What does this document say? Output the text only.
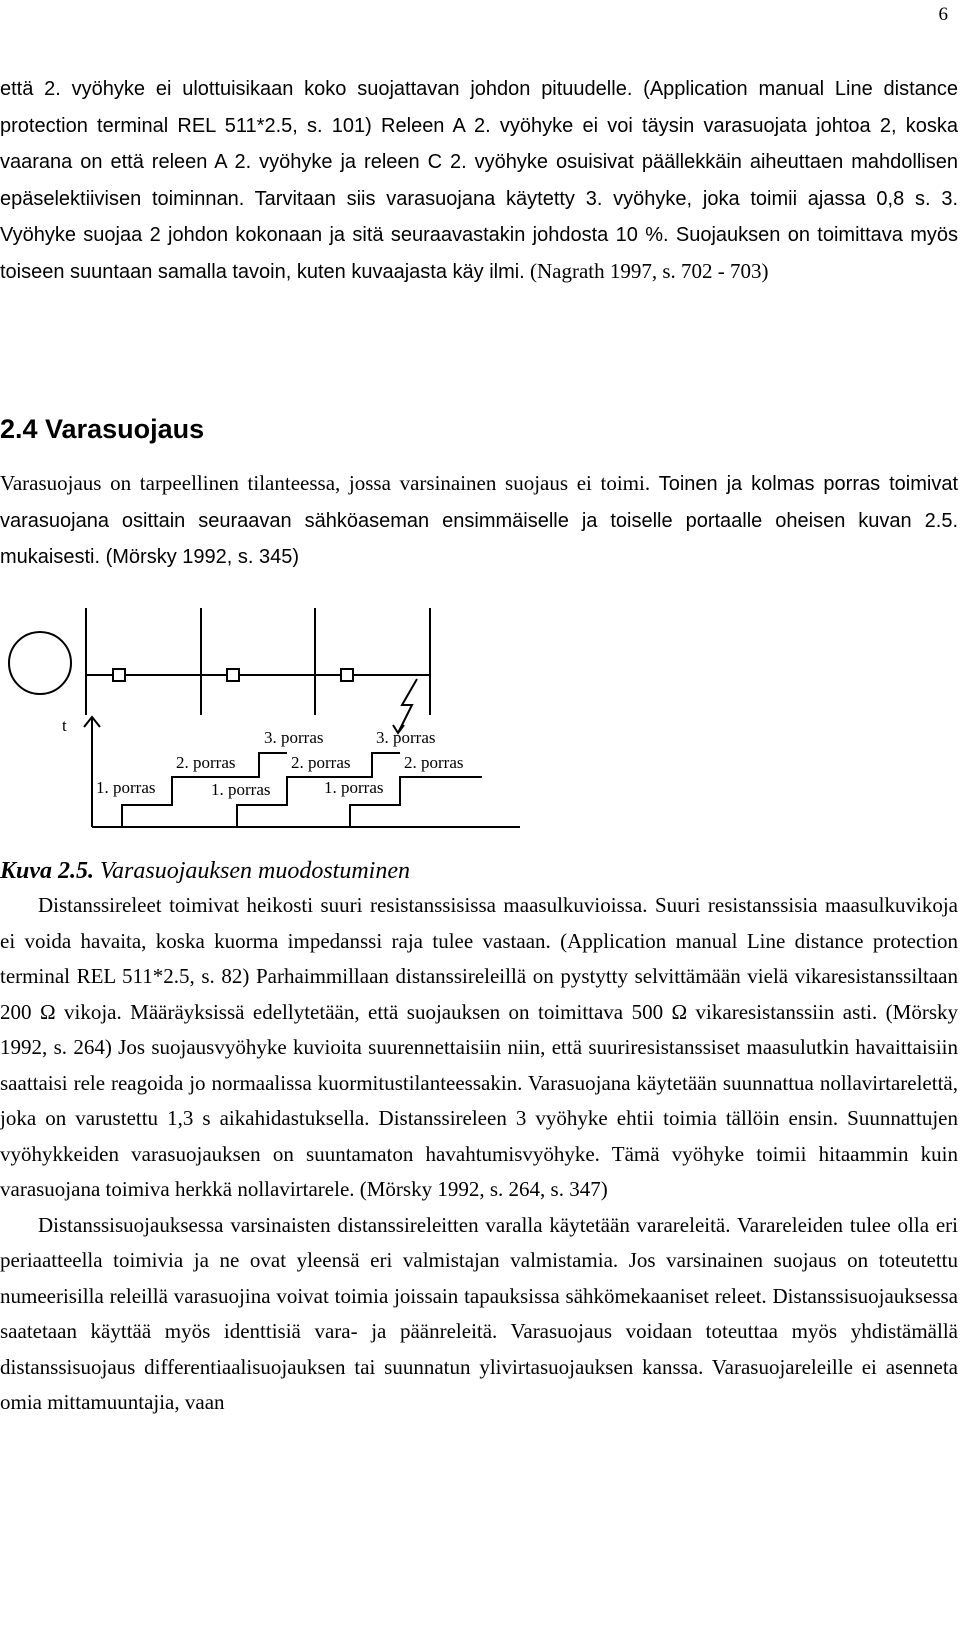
6

että 2. vyöhyke ei ulottuisikaan koko suojattavan johdon pituudelle. (Application manual Line distance protection terminal REL 511*2.5, s. 101) Releen A 2. vyöhyke ei voi täysin varasuojata johtoa 2, koska vaarana on että releen A 2. vyöhyke ja releen C 2. vyöhyke osuisivat päällekkäin aiheuttaen mahdollisen epäselektiivisen toiminnan. Tarvitaan siis varasuojana käytetty 3. vyöhyke, joka toimii ajassa 0,8 s. 3. Vyöhyke suojaa 2 johdon kokonaan ja sitä seuraavastakin johdosta 10 %. Suojauksen on toimittava myös toiseen suuntaan samalla tavoin, kuten kuvaajasta käy ilmi. (Nagrath 1997, s. 702 - 703)

2.4 Varasuojaus

Varasuojaus on tarpeellinen tilanteessa, jossa varsinainen suojaus ei toimi. Toinen ja kolmas porras toimivat varasuojana osittain seuraavan sähköaseman ensimmäiselle ja toiselle portaalle oheisen kuvan 2.5. mukaisesti. (Mörsky 1992, s. 345)

t
1. porras
2. porras
3. porras
1. porras
2. porras
3. porras
1. porras
2. porras

Kuva 2.5. Varasuojauksen muodostuminen

Distanssireleet toimivat heikosti suuri resistanssisissa maasulkuvioissa. Suuri resistanssisia maasulkuvikoja ei voida havaita, koska kuorma impedanssi raja tulee vastaan. (Application manual Line distance protection terminal REL 511*2.5, s. 82) Parhaimmillaan distanssireleillä on pystytty selvittämään vielä vikaresistanssiltaan 200 Ω vikoja. Määräyksissä edellytetään, että suojauksen on toimittava 500 Ω vikaresistanssiin asti. (Mörsky 1992, s. 264) Jos suojausvyöhyke kuvioita suurennettaisiin niin, että suuriresistanssiset maasulutkin havaittaisiin saattaisi rele reagoida jo normaalissa kuormitustilanteessakin. Varasuojana käytetään suunnattua nollavirtarelettä, joka on varustettu 1,3 s aikahidastuksella. Distanssireleen 3 vyöhyke ehtii toimia tällöin ensin. Suunnattujen vyöhykkeiden varasuojauksen on suuntamaton havahtumisvyöhyke. Tämä vyöhyke toimii hitaammin kuin varasuojana toimiva herkkä nollavirtarele. (Mörsky 1992, s. 264, s. 347)

Distanssisuojauksessa varsinaisten distanssireleitten varalla käytetään varareleitä. Varareleiden tulee olla eri periaatteella toimivia ja ne ovat yleensä eri valmistajan valmistamia. Jos varsinainen suojaus on toteutettu numeerisilla releillä varasuojina voivat toimia joissain tapauksissa sähkömekaaniset releet. Distanssisuojauksessa saatetaan käyttää myös identtisiä vara- ja päänreleitä. Varasuojaus voidaan toteuttaa myös yhdistämällä distanssisuojaus differentiaalisuojauksen tai suunnatun ylivirtasuojauksen kanssa. Varasuojareleille ei asenneta omia mittamuuntajia, vaan
